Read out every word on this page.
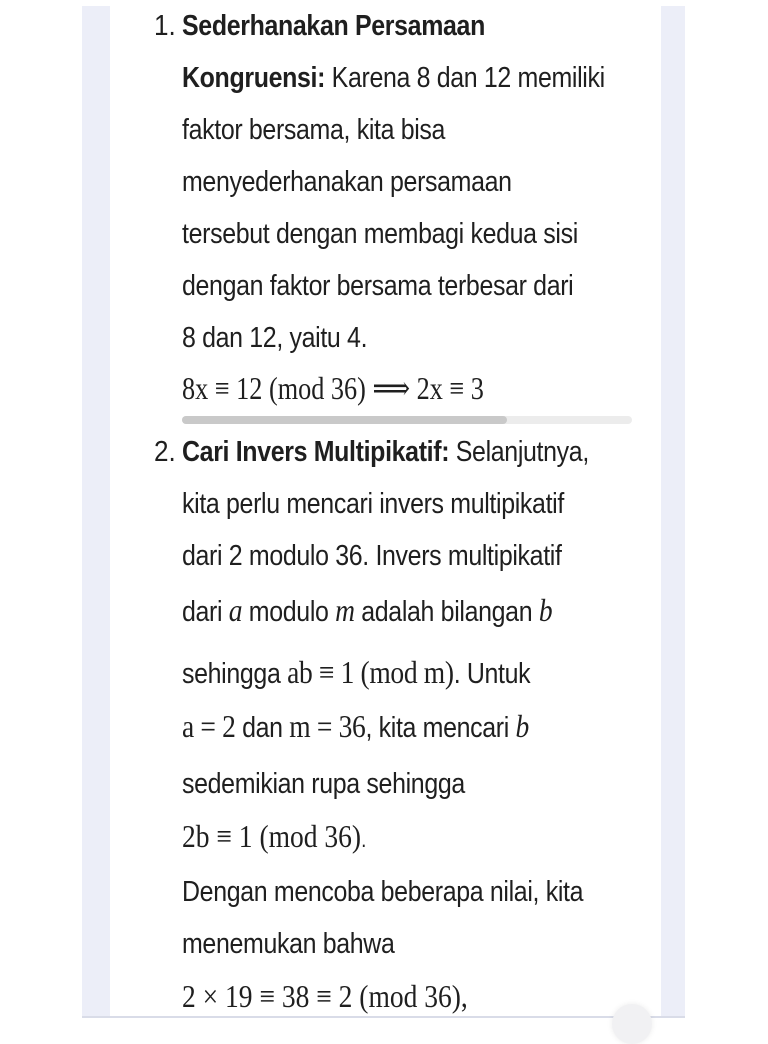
1. Sederhanakan Persamaan
Kongruensi: Karena 8 dan 12 memiliki
faktor bersama, kita bisa
menyederhanakan persamaan
tersebut dengan membagi kedua sisi
dengan faktor bersama terbesar dari
8 dan 12, yaitu 4.
8x ≡ 12 (mod 36) ⟹ 2x ≡ 3
2. Cari Invers Multipikatif: Selanjutnya,
kita perlu mencari invers multipikatif
dari 2 modulo 36. Invers multipikatif
dari a modulo m adalah bilangan b
sehingga ab ≡ 1 (mod m). Untuk
a = 2 dan m = 36, kita mencari b
sedemikian rupa sehingga
2b ≡ 1 (mod 36).
Dengan mencoba beberapa nilai, kita
menemukan bahwa
2 × 19 ≡ 38 ≡ 2 (mod 36),
